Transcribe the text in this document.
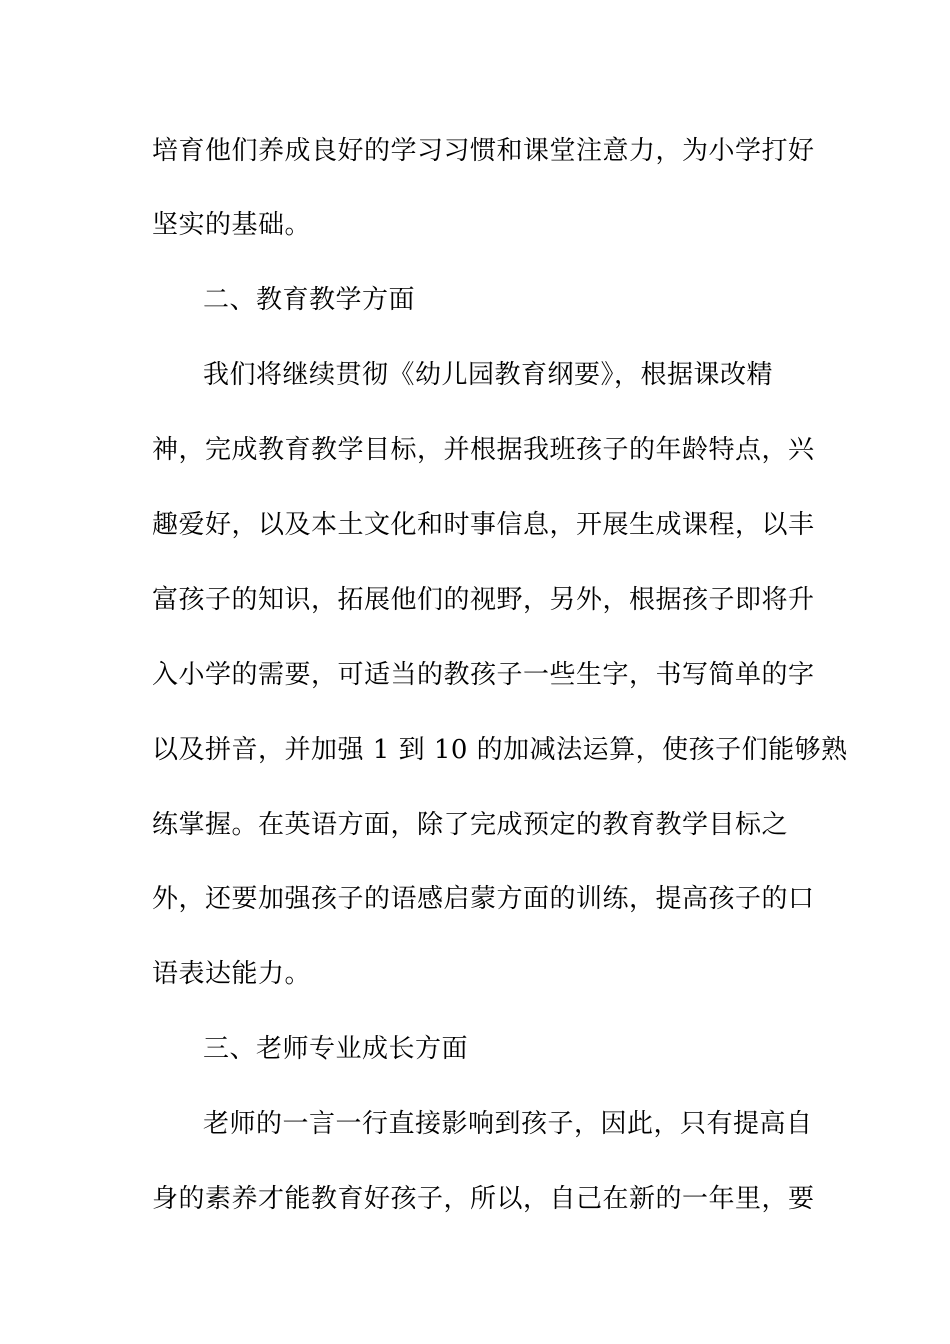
培育他们养成良好的学习习惯和课堂注意力，为小学打好
坚实的基础。
二、教育教学方面
我们将继续贯彻《幼儿园教育纲要》，根据课改精
神，完成教育教学目标，并根据我班孩子的年龄特点，兴
趣爱好，以及本土文化和时事信息，开展生成课程，以丰
富孩子的知识，拓展他们的视野，另外，根据孩子即将升
入小学的需要，可适当的教孩子一些生字，书写简单的字
以及拼音，并加强 1 到 10 的加减法运算，使孩子们能够熟
练掌握。在英语方面，除了完成预定的教育教学目标之
外，还要加强孩子的语感启蒙方面的训练，提高孩子的口
语表达能力。
三、老师专业成长方面
老师的一言一行直接影响到孩子，因此，只有提高自
身的素养才能教育好孩子，所以，自己在新的一年里，要
